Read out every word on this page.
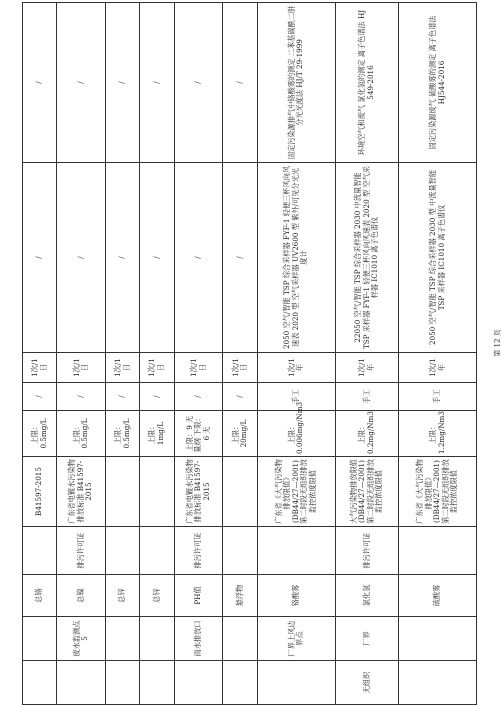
		总铬		B41597-2015	上限：0.5mg/L	/	1次/1日	/	/
	废水监测点 5	总镍	排污许可证	广东省电镀水污染物排放标准 B41597-2015	上限：0.5mg/L	/	1次/1日	/	/
		总锌			上限：0.5mg/L	/	1次/1日	/	/
		总锌			上限：1mg/L	/	1次/1日	/	/
	雨水排放口	PH值	排污许可证	广东省电镀水污染物排放标准 B41597-2015	上限：9 无量纲 下限：6 无	/	1次/1日	/	/
		悬浮物			上限：20mg/L	/	1次/1日	/	/
	厂界上风边界点	铬酸雾		广东省《大气污染物排放限值》(DB44/27—2001) 第二时段无组织排放监控浓度限值	上限：0.006mg/Nm3	手工	1次/1年	2050 空气/智能 TSP 综合采样器 FYF-1 轻便三杯风向风速表 2020 型 空气采样器 UV2600 型 紫外/可见分光光度计	固定污染源排气中铬酸雾的测定 二苯基碳酰二肼分光光度法 HJ/T 29-1999
无组织	厂界	氯化氢	排污许可证	大气污染物排放限值 (DB44/27—2001) 第二时段无组织排放监控浓度限值	上限：0.2mg/Nm3	手工	1次/1年	22050 空气/智能 TSP 综合采样器 2030 中流量智能 TSP 采样器 FYF-1 轻便三杯风向风速表 2020 型 空气采样器 IC1010 离子色谱仪	环境空气和废气 氯化氢的测定 离子色谱法 HJ 549-2016
		硫酸雾		广东省《大气污染物排放限值》(DB44/27—2001) 第二时段无组织排放监控浓度限值	上限：1.2mg/Nm3	手工	1次/1年	2050 空气/智能 TSP 综合采样器 2030 型 中流量智能 TSP 采样器 IC1010 离子色谱仪	固定污染源废气 硫酸雾的测定 离子色谱法 HJ544-2016
第 12 页
